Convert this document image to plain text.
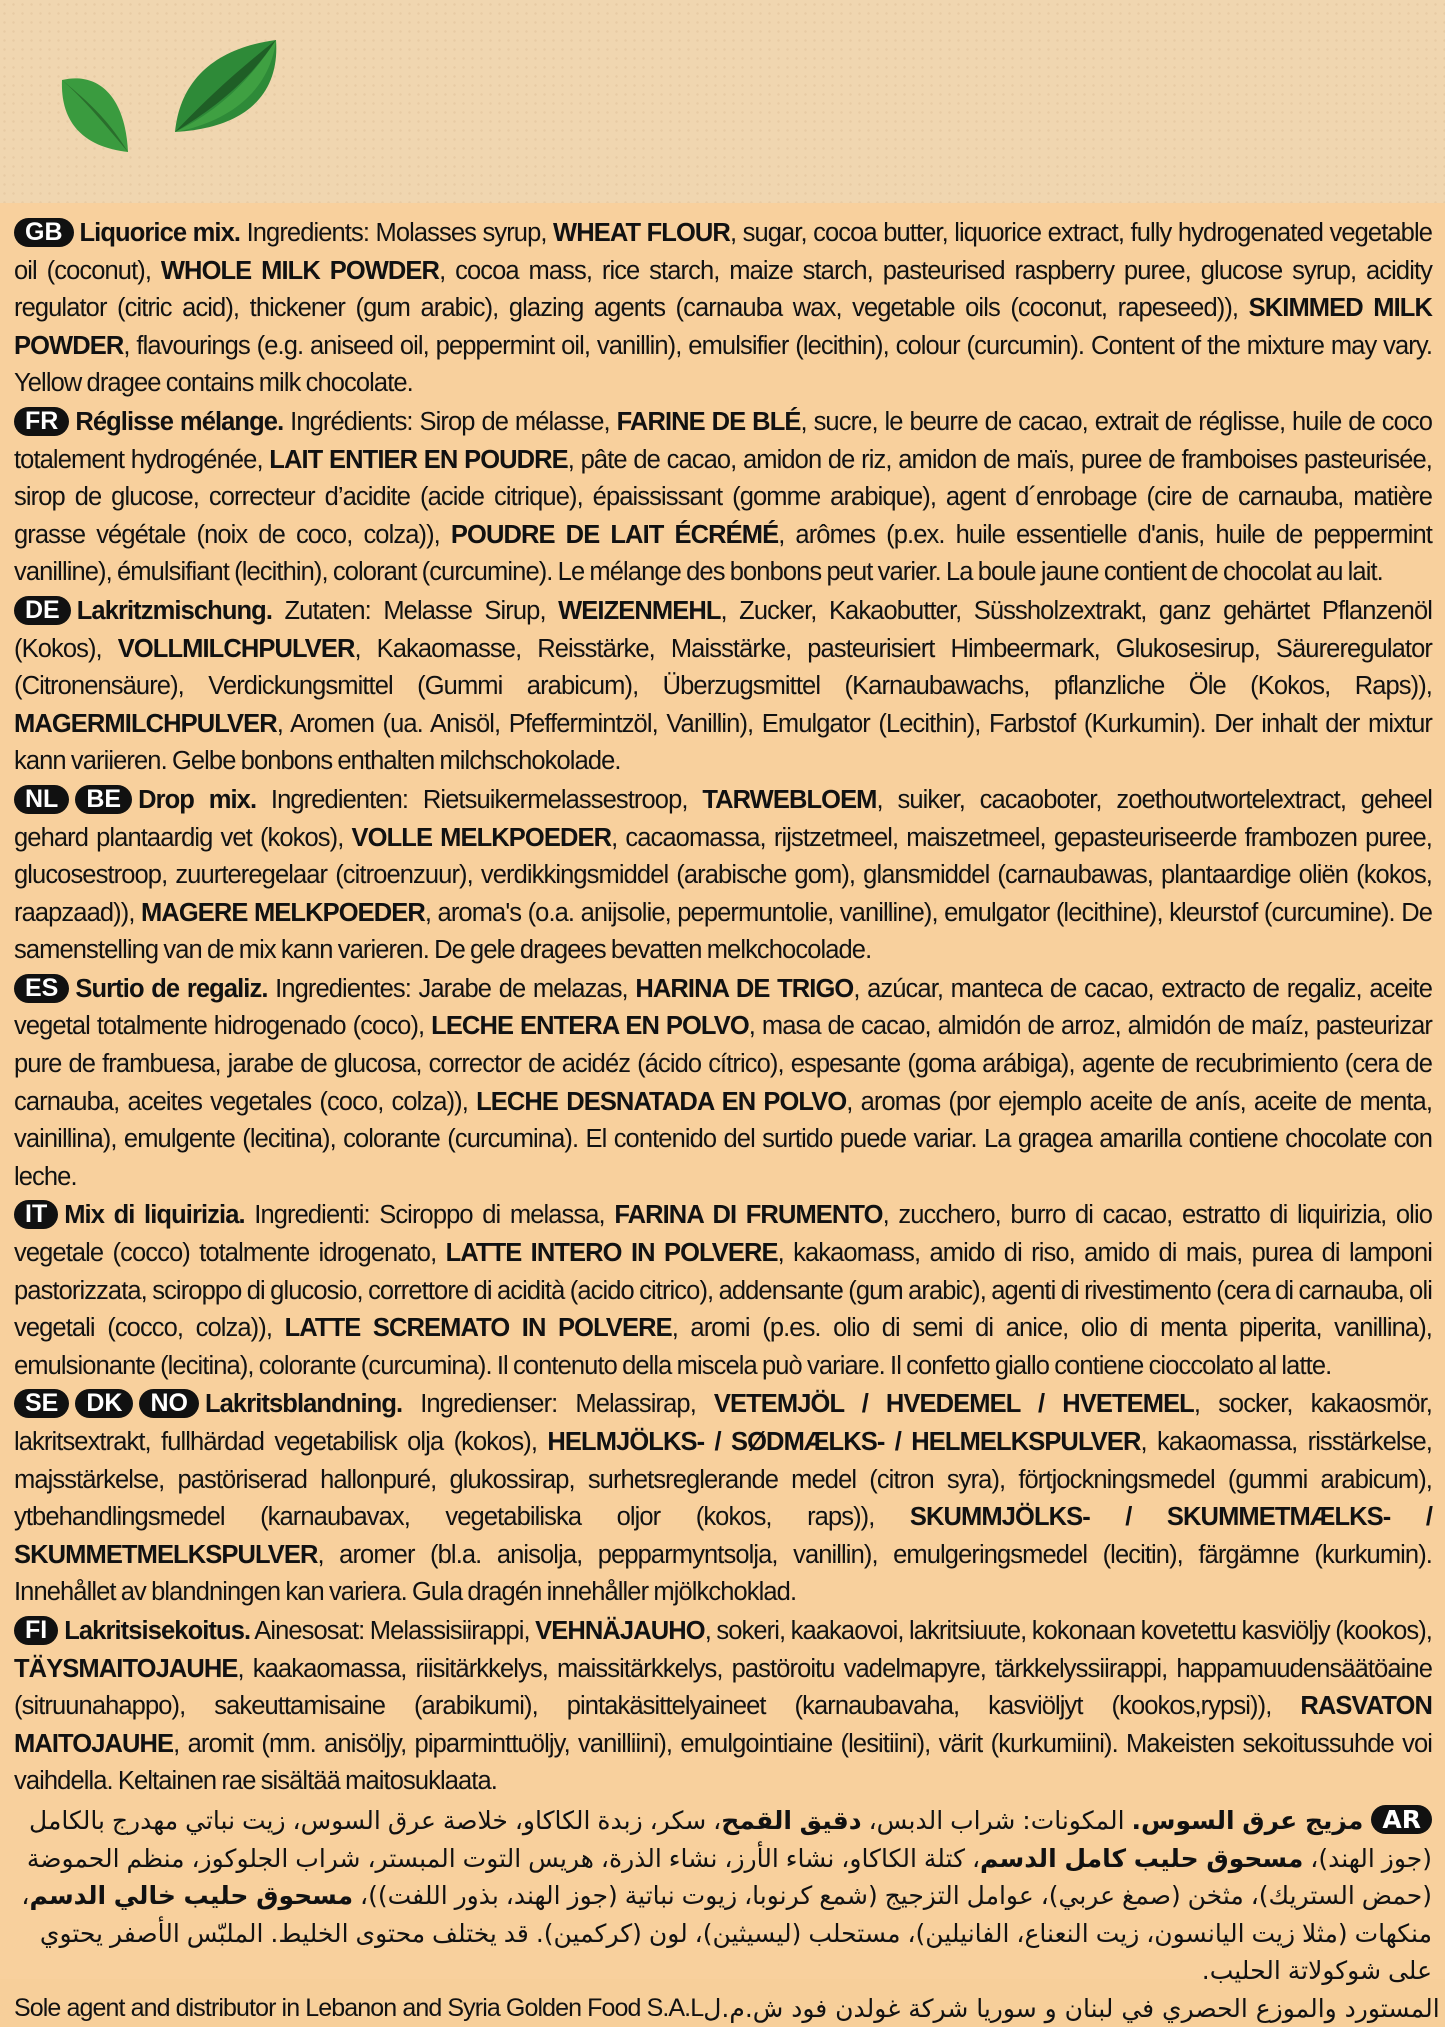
GB Liquorice mix. Ingredients: Molasses syrup, WHEAT FLOUR, sugar, cocoa butter, liquorice extract, fully hydrogenated vegetable oil (coconut), WHOLE MILK POWDER, cocoa mass, rice starch, maize starch, pasteurised raspberry puree, glucose syrup, acidity regulator (citric acid), thickener (gum arabic), glazing agents (carnauba wax, vegetable oils (coconut, rapeseed)), SKIMMED MILK POWDER, flavourings (e.g. aniseed oil, peppermint oil, vanillin), emulsifier (lecithin), colour (curcumin). Content of the mixture may vary. Yellow dragee contains milk chocolate.
FR Réglisse mélange. Ingrédients: Sirop de mélasse, FARINE DE BLÉ, sucre, le beurre de cacao, extrait de réglisse, huile de coco totalement hydrogénée, LAIT ENTIER EN POUDRE, pâte de cacao, amidon de riz, amidon de maïs, puree de framboises pasteurisée, sirop de glucose, correcteur d’acidite (acide citrique), épaississant (gomme arabique), agent d´enrobage (cire de carnauba, matière grasse végétale (noix de coco, colza)), POUDRE DE LAIT ÉCRÉMÉ, arômes (p.ex. huile essentielle d'anis, huile de peppermint vanilline), émulsifiant (lecithin), colorant (curcumine). Le mélange des bonbons peut varier. La boule jaune contient de chocolat au lait.
DE Lakritzmischung. Zutaten: Melasse Sirup, WEIZENMEHL, Zucker, Kakaobutter, Süssholzextrakt, ganz gehärtet Pflanzenöl (Kokos), VOLLMILCHPULVER, Kakaomasse, Reisstärke, Maisstärke, pasteurisiert Himbeermark, Glukosesirup, Säureregulator (Citronensäure), Verdickungsmittel (Gummi arabicum), Überzugsmittel (Karnaubawachs, pflanzliche Öle (Kokos, Raps)), MAGERMILCHPULVER, Aromen (ua. Anisöl, Pfeffermintzöl, Vanillin), Emulgator (Lecithin), Farbstof (Kurkumin). Der inhalt der mixtur kann variieren. Gelbe bonbons enthalten milchschokolade.
NL BE Drop mix. Ingredienten: Rietsuikermelassestroop, TARWEBLOEM, suiker, cacaoboter, zoethoutwortelextract, geheel gehard plantaardig vet (kokos), VOLLE MELKPOEDER, cacaomassa, rijstzetmeel, maiszetmeel, gepasteuriseerde frambozen puree, glucosestroop, zuurteregelaar (citroenzuur), verdikkingsmiddel (arabische gom), glansmiddel (carnaubawas, plantaardige oliën (kokos, raapzaad)), MAGERE MELKPOEDER, aroma's (o.a. anijsolie, pepermuntolie, vanilline), emulgator (lecithine), kleurstof (curcumine). De samenstelling van de mix kann varieren. De gele dragees bevatten melkchocolade.
ES Surtio de regaliz. Ingredientes: Jarabe de melazas, HARINA DE TRIGO, azúcar, manteca de cacao, extracto de regaliz, aceite vegetal totalmente hidrogenado (coco), LECHE ENTERA EN POLVO, masa de cacao, almidón de arroz, almidón de maíz, pasteurizar pure de frambuesa, jarabe de glucosa, corrector de acidéz (ácido cítrico), espesante (goma arábiga), agente de recubrimiento (cera de carnauba, aceites vegetales (coco, colza)), LECHE DESNATADA EN POLVO, aromas (por ejemplo aceite de anís, aceite de menta, vainillina), emulgente (lecitina), colorante (curcumina). El contenido del surtido puede variar. La gragea amarilla contiene chocolate con leche.
IT Mix di liquirizia. Ingredienti: Sciroppo di melassa, FARINA DI FRUMENTO, zucchero, burro di cacao, estratto di liquirizia, olio vegetale (cocco) totalmente idrogenato, LATTE INTERO IN POLVERE, kakaomass, amido di riso, amido di mais, purea di lamponi pastorizzata, sciroppo di glucosio, correttore di acidità (acido citrico), addensante (gum arabic), agenti di rivestimento (cera di carnauba, oli vegetali (cocco, colza)), LATTE SCREMATO IN POLVERE, aromi (p.es. olio di semi di anice, olio di menta piperita, vanillina), emulsionante (lecitina), colorante (curcumina). Il contenuto della miscela può variare. Il confetto giallo contiene cioccolato al latte.
SE DK NO Lakritsblandning. Ingredienser: Melassirap, VETEMJÖL / HVEDEMEL / HVETEMEL, socker, kakaosmör, lakritsextrakt, fullhärdad vegetabilisk olja (kokos), HELMJÖLKS- / SØDMÆLKS- / HELMELKSPULVER, kakaomassa, risstärkelse, majsstärkelse, pastöriserad hallonpuré, glukossirap, surhetsreglerande medel (citron syra), förtjockningsmedel (gummi arabicum), ytbehandlingsmedel (karnaubavax, vegetabiliska oljor (kokos, raps)), SKUMMJÖLKS- / SKUMMETMÆLKS- / SKUMMETMELKSPULVER, aromer (bl.a. anisolja, pepparmyntsolja, vanillin), emulgeringsmedel (lecitin), färgämne (kurkumin). Innehållet av blandningen kan variera. Gula dragén innehåller mjölkchoklad.
FI Lakritsisekoitus. Ainesosat: Melassisiirappi, VEHNÄJAUHO, sokeri, kaakaovoi, lakritsiuute, kokonaan kovetettu kasviöljy (kookos), TÄYSMAITOJAUHE, kaakaomassa, riisitärkkelys, maissitärkkelys, pastöroitu vadelmapyre, tärkkelyssiirappi, happamuudensäätöaine (sitruunahappo), sakeuttamisaine (arabikumi), pintakäsittelyaineet (karnaubavaha, kasviöljyt (kookos,rypsi)), RASVATON MAITOJAUHE, aromit (mm. anisöljy, piparminttuöljy, vanilliini), emulgointiaine (lesitiini), värit (kurkumiini). Makeisten sekoitussuhde voi vaihdella. Keltainen rae sisältää maitosuklaata.
ARمزيج عرق السوس. المكونات: شراب الدبس، دقيق القمح، سكر، زبدة الكاكاو، خلاصة عرق السوس، زيت نباتي مهدرج بالكامل (جوز الهند)، مسحوق حليب كامل الدسم، كتلة الكاكاو، نشاء الأرز، نشاء الذرة، هريس التوت المبستر، شراب الجلوكوز، منظم الحموضة (حمض الستريك)، مثخن (صمغ عربي)، عوامل التزجيج (شمع كرنوبا، زيوت نباتية (جوز الهند، بذور اللفت))، مسحوق حليب خالي الدسم، منكهات (مثلا زيت اليانسون، زيت النعناع، الفانيلين)، مستحلب (ليسيثين)، لون (كركمين). قد يختلف محتوى الخليط. الملبّس الأصفر يحتوي على شوكولاتة الحليب.
Sole agent and distributor in Lebanon and Syria Golden Food S.A.L المستورد والموزع الحصري في لبنان و سوريا شركة غولدن فود ش.م.ل
